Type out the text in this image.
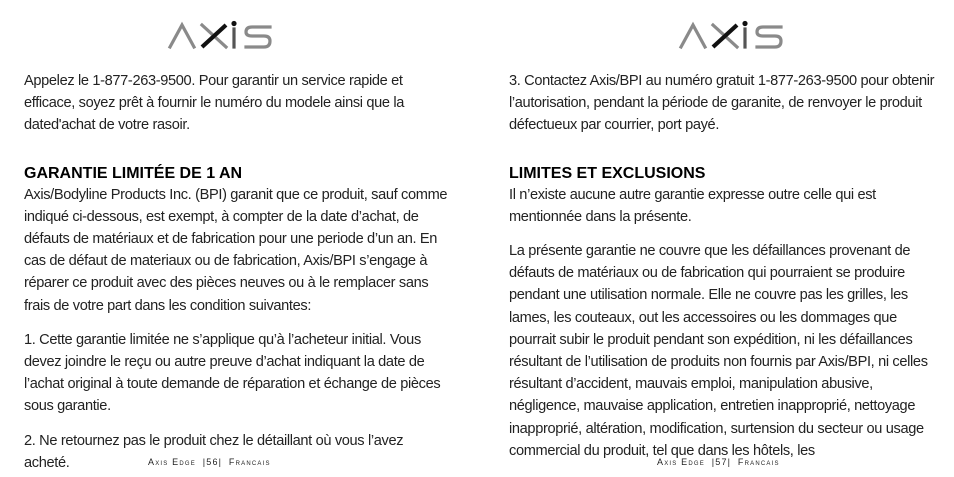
Appelez le 1-877-263-9500. Pour garantir un service rapide et efficace, soyez prêt à fournir le numéro du modele ainsi que la dated'achat de votre rasoir.

GARANTIE LIMITÉE DE 1 AN

Axis/Bodyline Products Inc. (BPI) garanit que ce produit, sauf comme indiqué ci-dessous, est exempt, à compter de la date d’achat, de défauts de matériaux et de fabrication pour une periode d’un an. En cas de défaut de materiaux ou de fabrication, Axis/BPI s’engage à réparer ce produit avec des pièces neuves ou à le remplacer sans frais de votre part dans les condition suivantes:

1. Cette garantie limitée ne s’applique qu’à l’acheteur initial. Vous devez joindre le reçu ou autre preuve d’achat indiquant la date de l’achat original à toute demande de réparation et échange de pièces sous garantie.

2. Ne retournez pas le produit chez le détaillant où vous l’avez acheté.	Axis Edge |56| Francais

3. Contactez Axis/BPI au numéro gratuit 1-877-263-9500 pour obtenir l’autorisation, pendant la période de garanite, de renvoyer le produit défectueux par courrier, port payé.

LIMITES ET EXCLUSIONS

Il n’existe aucune autre garantie expresse outre celle qui est mentionnée dans la présente.

La présente garantie ne couvre que les défaillances provenant de défauts de matériaux ou de fabrication qui pourraient se produire pendant une utilisation normale. Elle ne couvre pas les grilles, les lames, les couteaux, out les accessoires ou les dommages que pourrait subir le produit pendant son expédition, ni les défaillances résultant de l’utilisation de produits non fournis par Axis/BPI, ni celles résultant d’accident, mauvais emploi, manipulation abusive, négligence, mauvaise application, entretien inapproprié, nettoyage inapproprié, altération, modification, surtension du secteur ou usage commercial du produit, tel que dans les hôtels, les

Axis Edge |57| Francais
